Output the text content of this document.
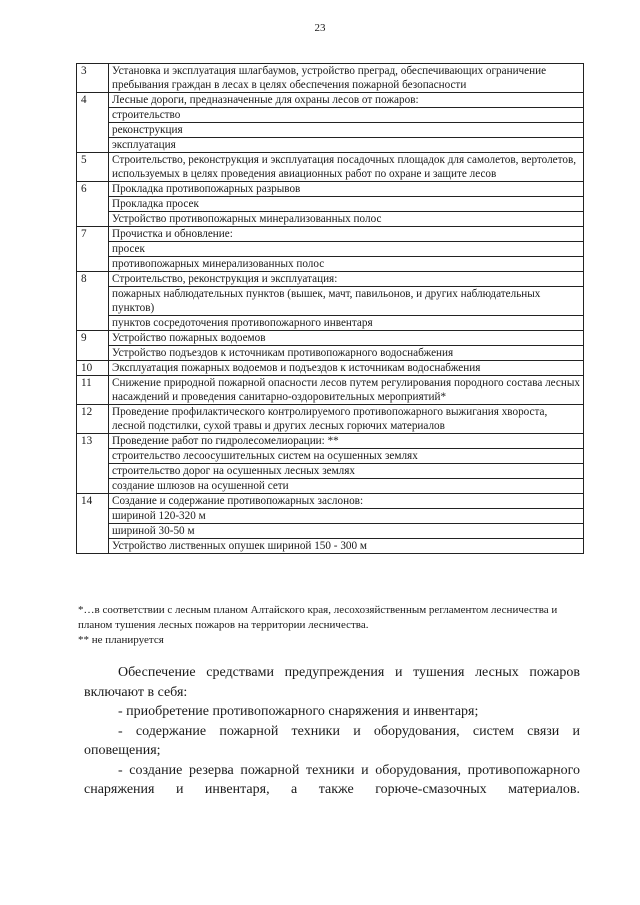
23
3	Установка и эксплуатация шлагбаумов, устройство преград, обеспечивающих ограничение пребывания граждан в лесах в целях обеспечения пожарной безопасности
4	Лесные дороги, предназначенные для охраны лесов от пожаров:
	строительство
	реконструкция
	эксплуатация
5	Строительство, реконструкция и эксплуатация посадочных площадок для самолетов, вертолетов, используемых в целях проведения авиационных работ по охране и защите лесов
6	Прокладка противопожарных разрывов
	Прокладка просек
	Устройство противопожарных минерализованных полос
7	Прочистка и обновление:
	просек
	противопожарных минерализованных полос
8	Строительство, реконструкция и эксплуатация:
	пожарных наблюдательных пунктов (вышек, мачт, павильонов, и других наблюдательных пунктов)
	пунктов сосредоточения противопожарного инвентаря
9	Устройство пожарных водоемов
	Устройство подъездов к источникам противопожарного водоснабжения
10	Эксплуатация пожарных водоемов и подъездов к источникам водоснабжения
11	Снижение природной пожарной опасности лесов путем регулирования породного состава лесных насаждений и проведения санитарно-оздоровительных мероприятий*
12	Проведение профилактического контролируемого противопожарного выжигания хвороста, лесной подстилки, сухой травы и других лесных горючих материалов
13	Проведение работ по гидролесомелиорации: **
	строительство лесоосушительных систем на осушенных землях
	строительство дорог на осушенных лесных землях
	создание шлюзов на осушенной сети
14	Создание и содержание противопожарных заслонов:
	шириной 120-320 м
	шириной 30-50 м
	Устройство лиственных опушек шириной 150 - 300 м
*…в соответствии с лесным планом Алтайского края, лесохозяйственным регламентом лесничества и планом тушения лесных пожаров на территории лесничества.
** не планируется

Обеспечение средствами предупреждения и тушения лесных пожаров включают в себя:

- приобретение противопожарного снаряжения и инвентаря;

- содержание пожарной техники и оборудования, систем связи и оповещения;

- создание резерва пожарной техники и оборудования, противопожарного снаряжения и инвентаря, а также горюче-смазочных материалов.
